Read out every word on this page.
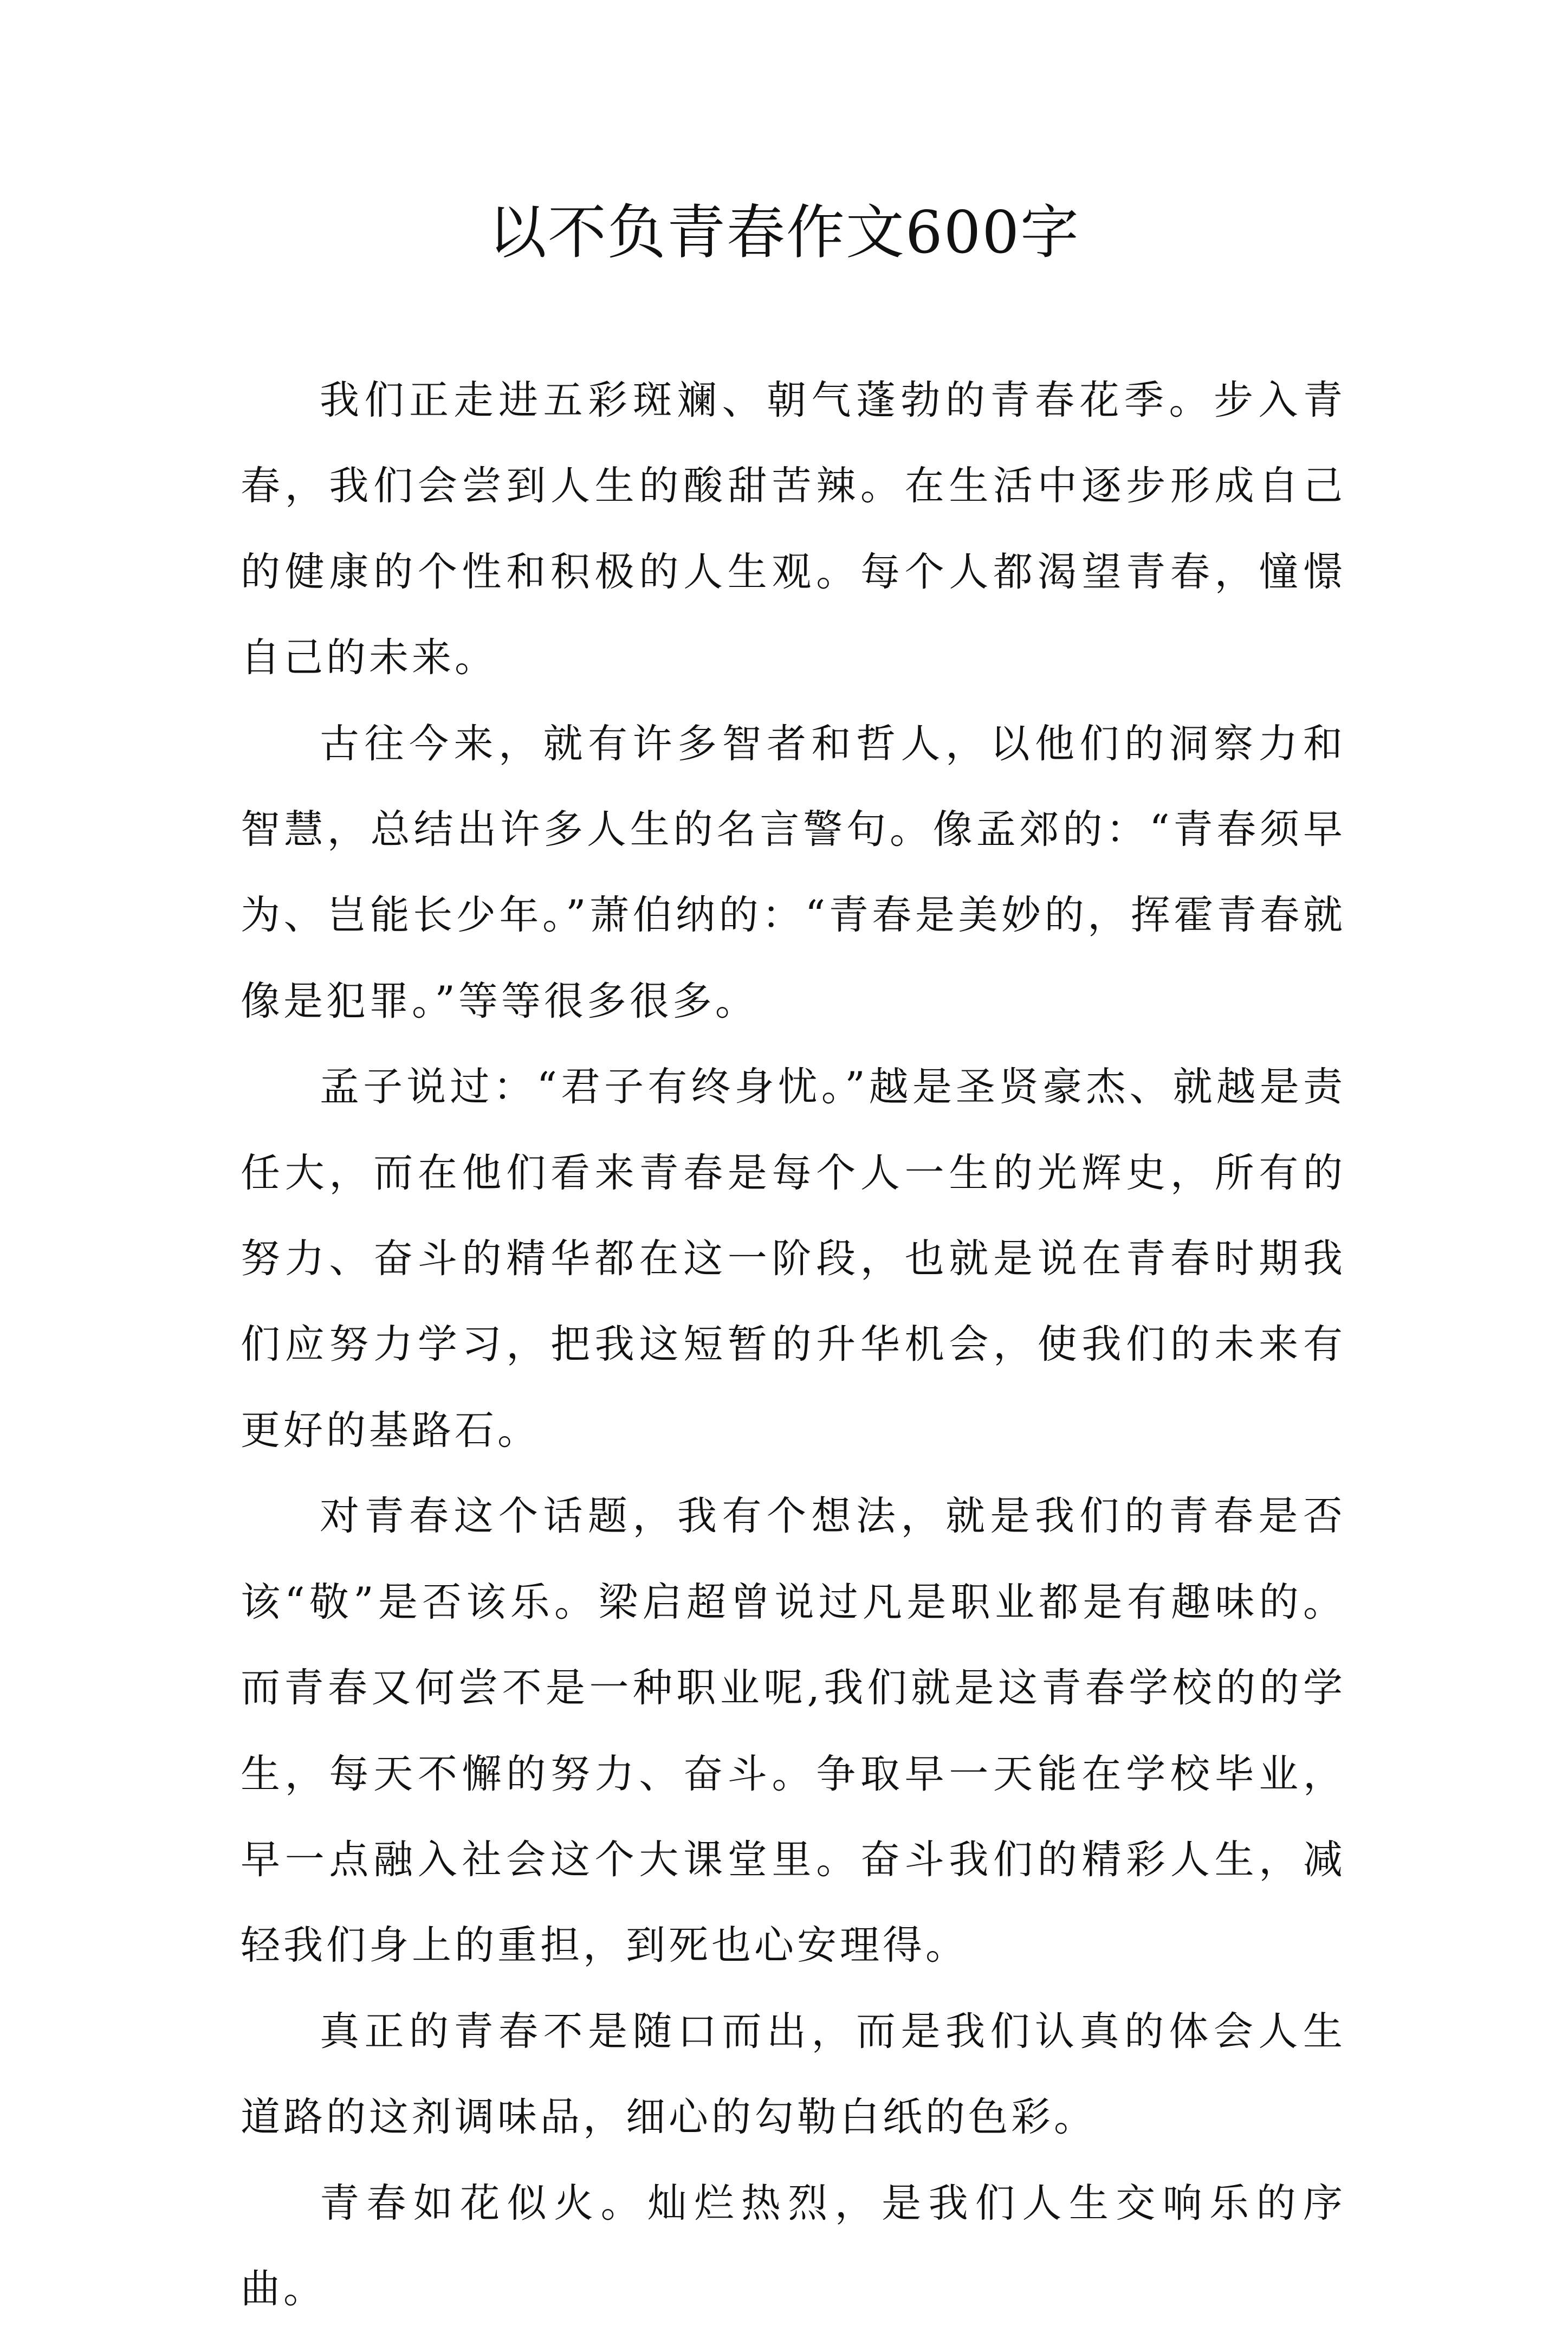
以不负青春作文600字

我们正走进五彩斑斓、朝气蓬勃的青春花季。步入青春，我们会尝到人生的酸甜苦辣。在生活中逐步形成自己的健康的个性和积极的人生观。每个人都渴望青春，憧憬自己的未来。

古往今来，就有许多智者和哲人，以他们的洞察力和智慧，总结出许多人生的名言警句。像孟郊的：“青春须早为、岂能长少年。”萧伯纳的：“青春是美妙的，挥霍青春就像是犯罪。”等等很多很多。

孟子说过：“君子有终身忧。”越是圣贤豪杰、就越是责任大，而在他们看来青春是每个人一生的光辉史，所有的努力、奋斗的精华都在这一阶段，也就是说在青春时期我们应努力学习，把我这短暂的升华机会，使我们的未来有更好的基路石。

对青春这个话题，我有个想法，就是我们的青春是否该“敬”是否该乐。梁启超曾说过凡是职业都是有趣味的。而青春又何尝不是一种职业呢,我们就是这青春学校的的学生，每天不懈的努力、奋斗。争取早一天能在学校毕业，早一点融入社会这个大课堂里。奋斗我们的精彩人生，减轻我们身上的重担，到死也心安理得。

真正的青春不是随口而出，而是我们认真的体会人生道路的这剂调味品，细心的勾勒白纸的色彩。

青春如花似火。灿烂热烈，是我们人生交响乐的序曲。
